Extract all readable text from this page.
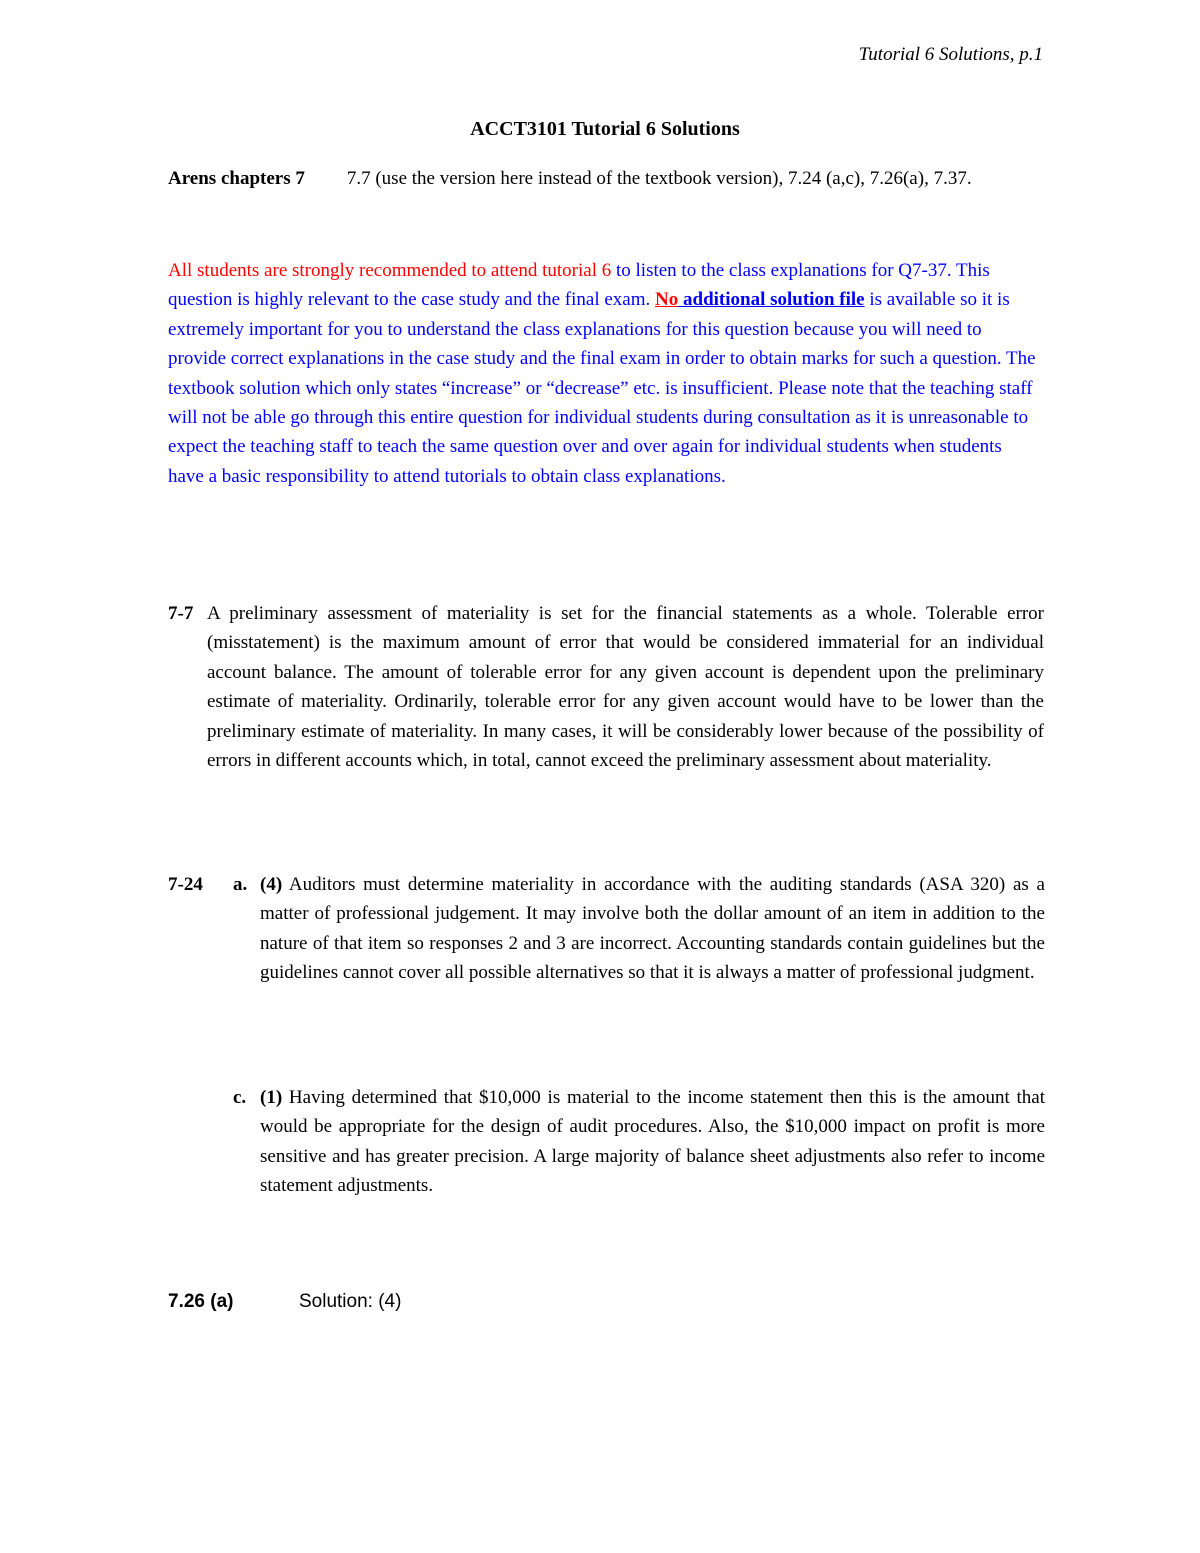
Tutorial 6 Solutions, p.1
ACCT3101 Tutorial 6 Solutions
Arens chapters 7 7.7 (use the version here instead of the textbook version), 7.24 (a,c), 7.26(a), 7.37.
All students are strongly recommended to attend tutorial 6 to listen to the class explanations for Q7-37. This question is highly relevant to the case study and the final exam. No additional solution file is available so it is extremely important for you to understand the class explanations for this question because you will need to provide correct explanations in the case study and the final exam in order to obtain marks for such a question. The textbook solution which only states “increase” or “decrease” etc. is insufficient. Please note that the teaching staff will not be able go through this entire question for individual students during consultation as it is unreasonable to expect the teaching staff to teach the same question over and over again for individual students when students have a basic responsibility to attend tutorials to obtain class explanations.
7-7 A preliminary assessment of materiality is set for the financial statements as a whole. Tolerable error (misstatement) is the maximum amount of error that would be considered immaterial for an individual account balance. The amount of tolerable error for any given account is dependent upon the preliminary estimate of materiality. Ordinarily, tolerable error for any given account would have to be lower than the preliminary estimate of materiality. In many cases, it will be considerably lower because of the possibility of errors in different accounts which, in total, cannot exceed the preliminary assessment about materiality.
7-24 a. (4) Auditors must determine materiality in accordance with the auditing standards (ASA 320) as a matter of professional judgement. It may involve both the dollar amount of an item in addition to the nature of that item so responses 2 and 3 are incorrect. Accounting standards contain guidelines but the guidelines cannot cover all possible alternatives so that it is always a matter of professional judgment.
c. (1) Having determined that $10,000 is material to the income statement then this is the amount that would be appropriate for the design of audit procedures. Also, the $10,000 impact on profit is more sensitive and has greater precision. A large majority of balance sheet adjustments also refer to income statement adjustments.
7.26 (a)	Solution: (4)
